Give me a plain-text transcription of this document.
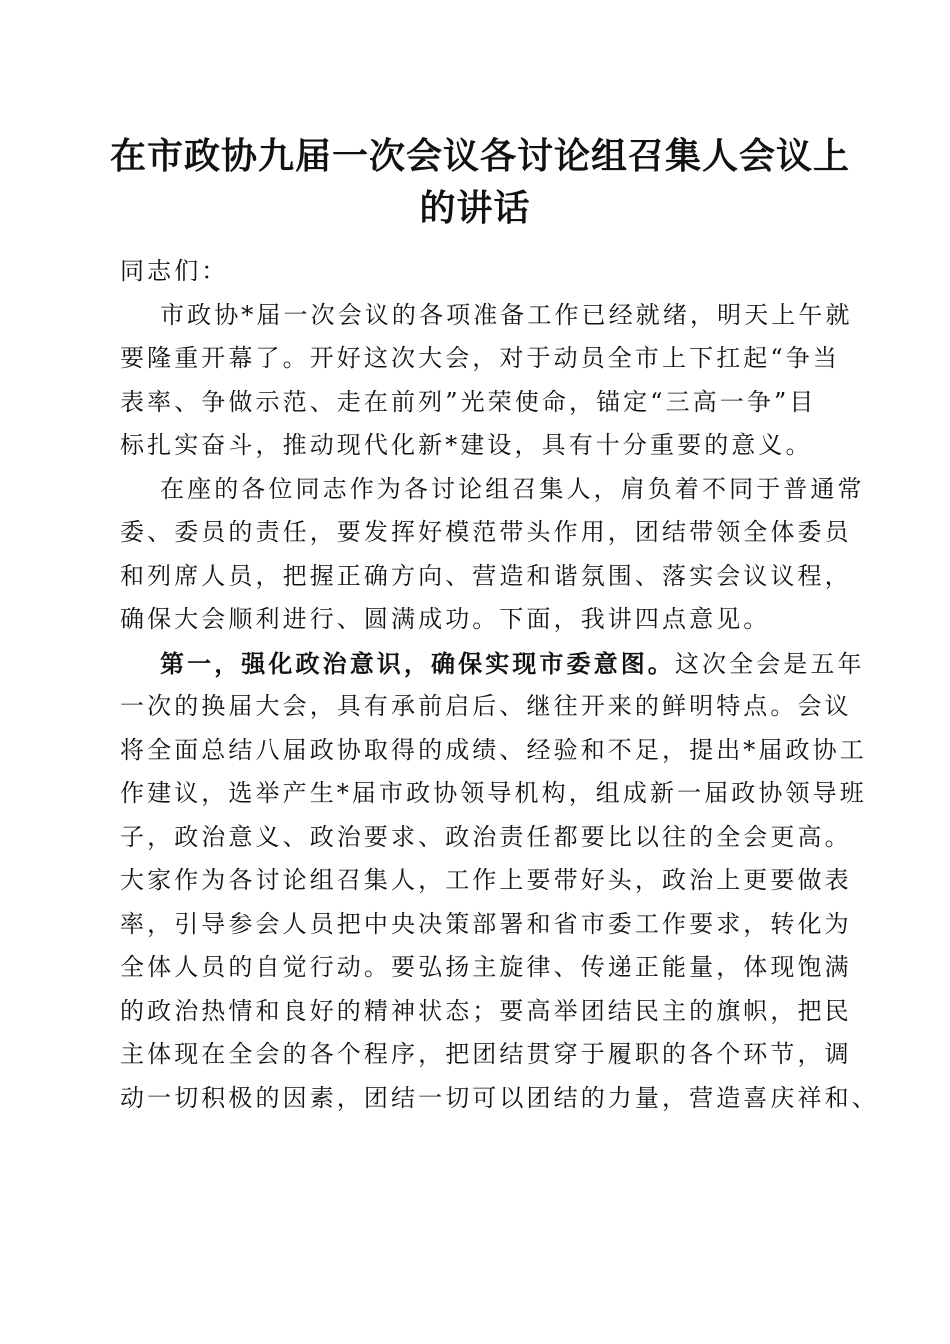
在市政协九届一次会议各讨论组召集人会议上
的讲话
同志们：
市政协*届一次会议的各项准备工作已经就绪，明天上午就
要隆重开幕了。开好这次大会，对于动员全市上下扛起“争当
表率、争做示范、走在前列”光荣使命，锚定“三高一争”目
标扎实奋斗，推动现代化新*建设，具有十分重要的意义。
在座的各位同志作为各讨论组召集人，肩负着不同于普通常
委、委员的责任，要发挥好模范带头作用，团结带领全体委员
和列席人员，把握正确方向、营造和谐氛围、落实会议议程，
确保大会顺利进行、圆满成功。下面，我讲四点意见。
第一，强化政治意识，确保实现市委意图。这次全会是五年
一次的换届大会，具有承前启后、继往开来的鲜明特点。会议
将全面总结八届政协取得的成绩、经验和不足，提出*届政协工
作建议，选举产生*届市政协领导机构，组成新一届政协领导班
子，政治意义、政治要求、政治责任都要比以往的全会更高。
大家作为各讨论组召集人，工作上要带好头，政治上更要做表
率，引导参会人员把中央决策部署和省市委工作要求，转化为
全体人员的自觉行动。要弘扬主旋律、传递正能量，体现饱满
的政治热情和良好的精神状态；要高举团结民主的旗帜，把民
主体现在全会的各个程序，把团结贯穿于履职的各个环节，调
动一切积极的因素，团结一切可以团结的力量，营造喜庆祥和、
